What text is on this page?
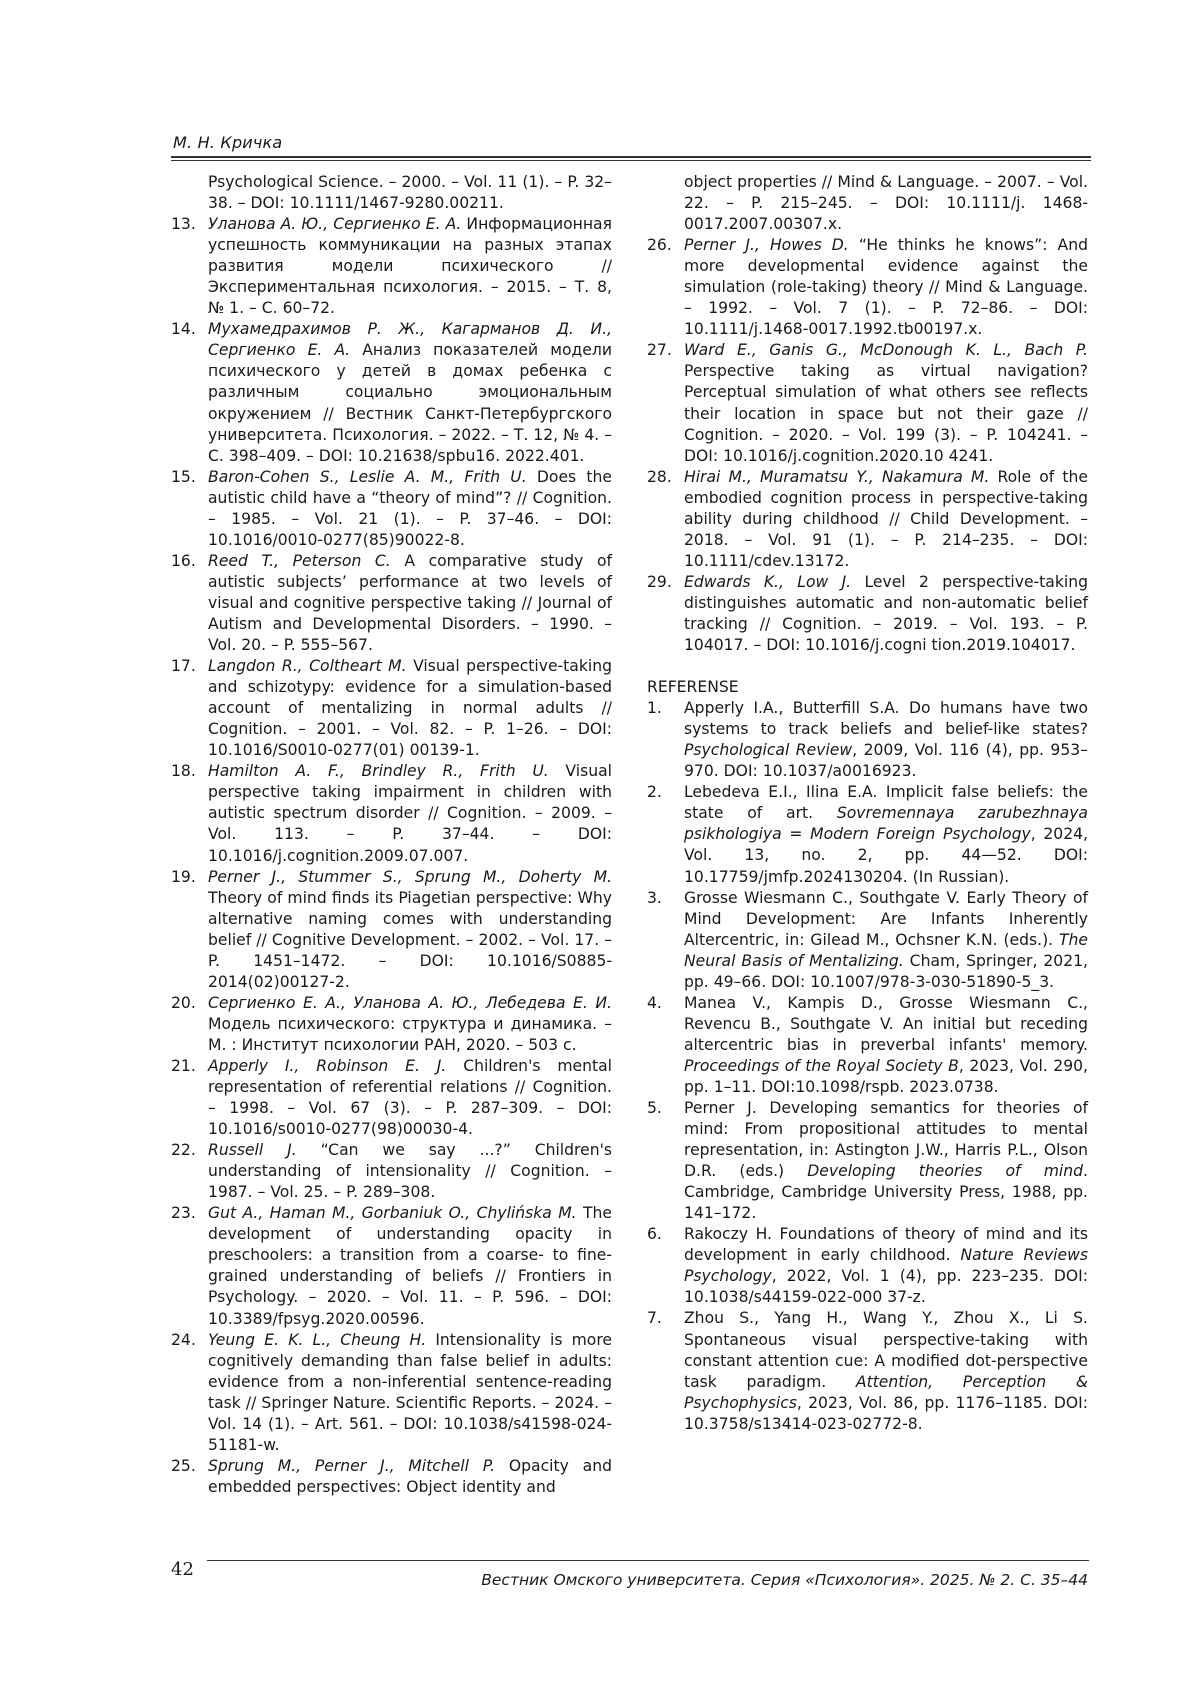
М. Н. Кричка
Psychological Science. – 2000. – Vol. 11 (1). – P. 32–38. – DOI: 10.1111/1467-9280.00211.
13. Уланова А. Ю., Сергиенко Е. А. Информационная успешность коммуникации на разных этапах развития модели психического // Экспериментальная психология. – 2015. – Т. 8, № 1. – С. 60–72.
14. Мухамедрахимов Р. Ж., Кагарманов Д. И., Сергиенко Е. А. Анализ показателей модели психического у детей в домах ребенка с различным социально эмоциональным окружением // Вестник Санкт-Петербургского университета. Психология. – 2022. – Т. 12, № 4. – С. 398–409. – DOI: 10.21638/spbu16. 2022.401.
15. Baron-Cohen S., Leslie A. M., Frith U. Does the autistic child have a “theory of mind”? // Cognition. – 1985. – Vol. 21 (1). – P. 37–46. – DOI: 10.1016/0010-0277(85)90022-8.
16. Reed T., Peterson C. A comparative study of autistic subjects’ performance at two levels of visual and cognitive perspective taking // Journal of Autism and Developmental Disorders. – 1990. – Vol. 20. – P. 555–567.
17. Langdon R., Coltheart M. Visual perspective-taking and schizotypy: evidence for a simulation-based account of mentalizing in normal adults // Cognition. – 2001. – Vol. 82. – P. 1–26. – DOI: 10.1016/S0010-0277(01) 00139-1.
18. Hamilton A. F., Brindley R., Frith U. Visual perspective taking impairment in children with autistic spectrum disorder // Cognition. – 2009. – Vol. 113. – P. 37–44. – DOI: 10.1016/j.cognition.2009.07.007.
19. Perner J., Stummer S., Sprung M., Doherty M. Theory of mind finds its Piagetian perspective: Why alternative naming comes with understanding belief // Cognitive Development. – 2002. – Vol. 17. – P. 1451–1472. – DOI: 10.1016/S0885-2014(02)00127-2.
20. Сергиенко Е. А., Уланова А. Ю., Лебедева Е. И. Модель психического: структура и динамика. – М. : Институт психологии РАН, 2020. – 503 с.
21. Apperly I., Robinson E. J. Children's mental representation of referential relations // Cognition. – 1998. – Vol. 67 (3). – P. 287–309. – DOI: 10.1016/s0010-0277(98)00030-4.
22. Russell J. “Can we say ...?” Children's understanding of intensionality // Cognition. – 1987. – Vol. 25. – P. 289–308.
23. Gut A., Haman M., Gorbaniuk O., Chylińska M. The development of understanding opacity in preschoolers: a transition from a coarse- to fine-grained understanding of beliefs // Frontiers in Psychology. – 2020. – Vol. 11. – P. 596. – DOI: 10.3389/fpsyg.2020.00596.
24. Yeung E. K. L., Cheung H. Intensionality is more cognitively demanding than false belief in adults: evidence from a non-inferential sentence-reading task // Springer Nature. Scientific Reports. – 2024. – Vol. 14 (1). – Art. 561. – DOI: 10.1038/s41598-024-51181-w.
25. Sprung M., Perner J., Mitchell P. Opacity and embedded perspectives: Object identity and
object properties // Mind & Language. – 2007. – Vol. 22. – P. 215–245. – DOI: 10.1111/j. 1468-0017.2007.00307.x.
26. Perner J., Howes D. “He thinks he knows”: And more developmental evidence against the simulation (role-taking) theory // Mind & Language. – 1992. – Vol. 7 (1). – P. 72–86. – DOI: 10.1111/j.1468-0017.1992.tb00197.x.
27. Ward E., Ganis G., McDonough K. L., Bach P. Perspective taking as virtual navigation? Perceptual simulation of what others see reflects their location in space but not their gaze // Cognition. – 2020. – Vol. 199 (3). – P. 104241. – DOI: 10.1016/j.cognition.2020.10 4241.
28. Hirai M., Muramatsu Y., Nakamura M. Role of the embodied cognition process in perspective-taking ability during childhood // Child Development. – 2018. – Vol. 91 (1). – P. 214–235. – DOI: 10.1111/cdev.13172.
29. Edwards K., Low J. Level 2 perspective-taking distinguishes automatic and non-automatic belief tracking // Cognition. – 2019. – Vol. 193. – P. 104017. – DOI: 10.1016/j.cogni tion.2019.104017.
REFERENSE
1.	Apperly I.A., Butterfill S.A. Do humans have two systems to track beliefs and belief-like states? Psychological Review, 2009, Vol. 116 (4), pp. 953–970. DOI: 10.1037/a0016923.
2.	Lebedeva E.I., Ilina E.A. Implicit false beliefs: the state of art. Sovremennaya zarubezhnaya psikhologiya = Modern Foreign Psychology, 2024, Vol. 13, no. 2, pp. 44—52. DOI: 10.17759/jmfp.2024130204. (In Russian).
3.	Grosse Wiesmann C., Southgate V. Early Theory of Mind Development: Are Infants Inherently Altercentric, in: Gilead M., Ochsner K.N. (eds.). The Neural Basis of Mentalizing. Cham, Springer, 2021, pp. 49–66. DOI: 10.1007/978-3-030-51890-5_3.
4.	Manea V., Kampis D., Grosse Wiesmann C., Revencu B., Southgate V. An initial but receding altercentric bias in preverbal infants' memory. Proceedings of the Royal Society B, 2023, Vol. 290, pp. 1–11. DOI:10.1098/rspb. 2023.0738.
5.	Perner J. Developing semantics for theories of mind: From propositional attitudes to mental representation, in: Astington J.W., Harris P.L., Olson D.R. (eds.) Developing theories of mind. Cambridge, Cambridge University Press, 1988, pp. 141–172.
6.	Rakoczy H. Foundations of theory of mind and its development in early childhood. Nature Reviews Psychology, 2022, Vol. 1 (4), pp. 223–235. DOI: 10.1038/s44159-022-000 37-z.
7.	Zhou S., Yang H., Wang Y., Zhou X., Li S. Spontaneous visual perspective-taking with constant attention cue: A modified dot-perspective task paradigm. Attention, Perception & Psychophysics, 2023, Vol. 86, pp. 1176–1185. DOI: 10.3758/s13414-023-02772-8.
42	Вестник Омского университета. Серия «Психология». 2025. № 2. С. 35–44
